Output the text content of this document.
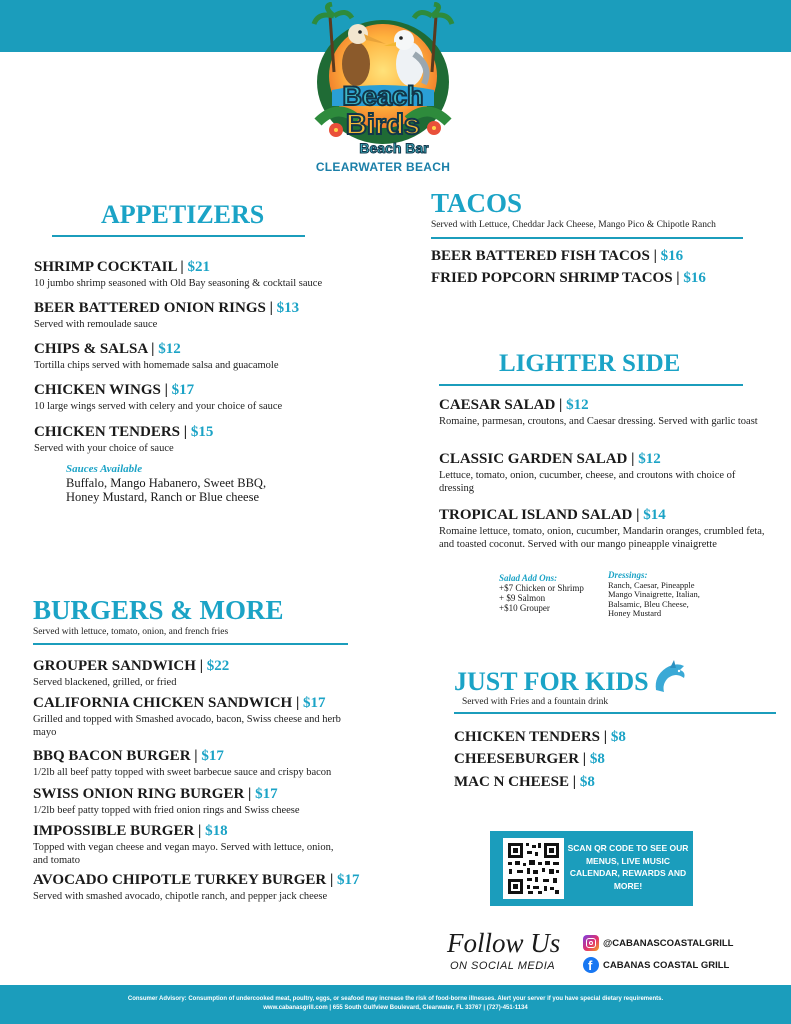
Beach
Birds
Beach Bar
CLEARWATER BEACH
APPETIZERS
SHRIMP COCKTAIL | $21
10 jumbo shrimp seasoned with Old Bay seasoning & cocktail sauce
BEER BATTERED ONION RINGS | $13
Served with remoulade sauce
CHIPS & SALSA | $12
Tortilla chips served with homemade salsa and guacamole
CHICKEN WINGS | $17
10 large wings served with celery and your choice of sauce
CHICKEN TENDERS | $15
Served with your choice of sauce
Sauces Available
Buffalo, Mango Habanero, Sweet BBQ,
Honey Mustard, Ranch or Blue cheese
TACOS
Served with Lettuce, Cheddar Jack Cheese, Mango Pico & Chipotle Ranch
BEER BATTERED FISH TACOS | $16
FRIED POPCORN SHRIMP TACOS | $16
LIGHTER SIDE
CAESAR SALAD | $12
Romaine, parmesan, croutons, and Caesar dressing. Served with garlic toast
CLASSIC GARDEN SALAD | $12
Lettuce, tomato, onion, cucumber, cheese, and croutons with choice of dressing
TROPICAL ISLAND SALAD | $14
Romaine lettuce, tomato, onion, cucumber, Mandarin oranges, crumbled feta, and toasted coconut. Served with our mango pineapple vinaigrette
Salad Add Ons:
+$7 Chicken or Shrimp
+ $9 Salmon
+$10 Grouper
Dressings:
Ranch, Caesar, Pineapple
Mango Vinaigrette, Italian,
Balsamic, Bleu Cheese,
Honey Mustard
BURGERS & MORE
Served with lettuce, tomato, onion, and french fries
GROUPER SANDWICH | $22
Served blackened, grilled, or fried
CALIFORNIA CHICKEN SANDWICH | $17
Grilled and topped with Smashed avocado, bacon, Swiss cheese and herb mayo
BBQ BACON BURGER | $17
1/2lb all beef patty topped with sweet barbecue sauce and crispy bacon
SWISS ONION RING BURGER | $17
1/2lb beef patty topped with fried onion rings and Swiss cheese
IMPOSSIBLE BURGER | $18
Topped with vegan cheese and vegan mayo. Served with lettuce, onion, and tomato
AVOCADO CHIPOTLE TURKEY BURGER | $17
Served with smashed avocado, chipotle ranch, and pepper jack cheese
JUST FOR KIDS
Served with Fries and a fountain drink
CHICKEN TENDERS | $8
CHEESEBURGER | $8
MAC N CHEESE | $8
SCAN QR CODE TO SEE OUR MENUS, LIVE MUSIC CALENDAR, REWARDS AND MORE!
Follow Us
ON SOCIAL MEDIA
@CABANASCOASTALGRILL
f CABANAS COASTAL GRILL
Consumer Advisory: Consumption of undercooked meat, poultry, eggs, or seafood may increase the risk of food-borne illnesses. Alert your server if you have special dietary requirements.
www.cabanasgrill.com | 655 South Gulfview Boulevard, Clearwater, FL 33767 | (727)-451-1134
